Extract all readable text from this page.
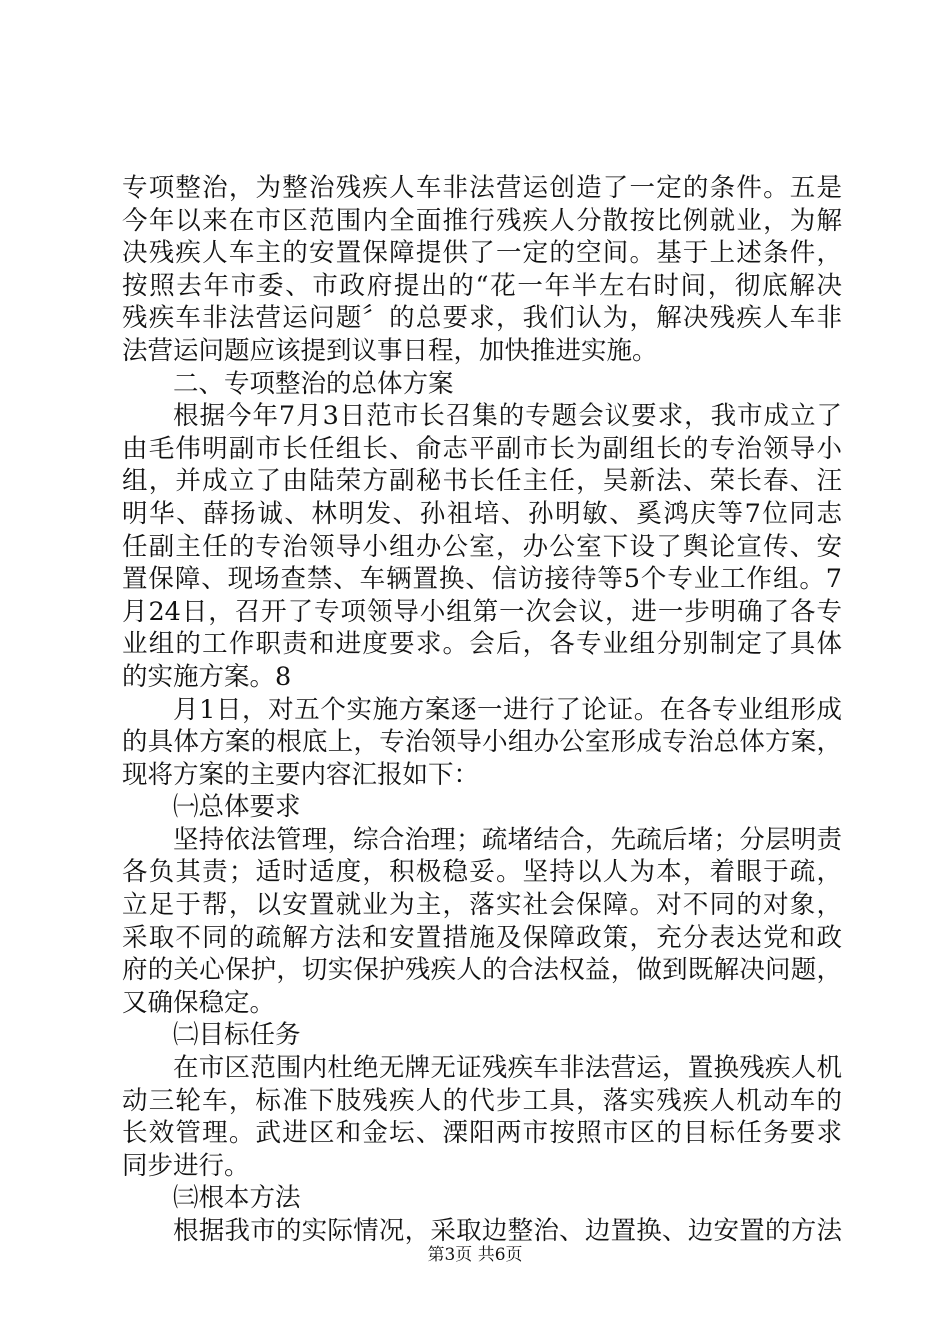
专项整治，为整治残疾人车非法营运创造了一定的条件。五是
今年以来在市区范围内全面推行残疾人分散按比例就业，为解
决残疾人车主的安置保障提供了一定的空间。基于上述条件，
按照去年市委、市政府提出的“花一年半左右时间，彻底解决
残疾车非法营运问题〞的总要求，我们认为，解决残疾人车非
法营运问题应该提到议事日程，加快推进实施。
二、专项整治的总体方案
根据今年7月3日范市长召集的专题会议要求，我市成立了
由毛伟明副市长任组长、俞志平副市长为副组长的专治领导小
组，并成立了由陆荣方副秘书长任主任，吴新法、荣长春、汪
明华、薛扬诚、林明发、孙祖培、孙明敏、奚鸿庆等7位同志
任副主任的专治领导小组办公室，办公室下设了舆论宣传、安
置保障、现场查禁、车辆置换、信访接待等5个专业工作组。7
月24日，召开了专项领导小组第一次会议，进一步明确了各专
业组的工作职责和进度要求。会后，各专业组分别制定了具体
的实施方案。8
月1日，对五个实施方案逐一进行了论证。在各专业组形成
的具体方案的根底上，专治领导小组办公室形成专治总体方案，
现将方案的主要内容汇报如下：
㈠总体要求
坚持依法管理，综合治理；疏堵结合，先疏后堵；分层明责
各负其责；适时适度，积极稳妥。坚持以人为本，着眼于疏，
立足于帮，以安置就业为主，落实社会保障。对不同的对象，
采取不同的疏解方法和安置措施及保障政策，充分表达党和政
府的关心保护，切实保护残疾人的合法权益，做到既解决问题，
又确保稳定。
㈡目标任务
在市区范围内杜绝无牌无证残疾车非法营运，置换残疾人机
动三轮车，标准下肢残疾人的代步工具，落实残疾人机动车的
长效管理。武进区和金坛、溧阳两市按照市区的目标任务要求
同步进行。
㈢根本方法
根据我市的实际情况，采取边整治、边置换、边安置的方法
第3页 共6页
